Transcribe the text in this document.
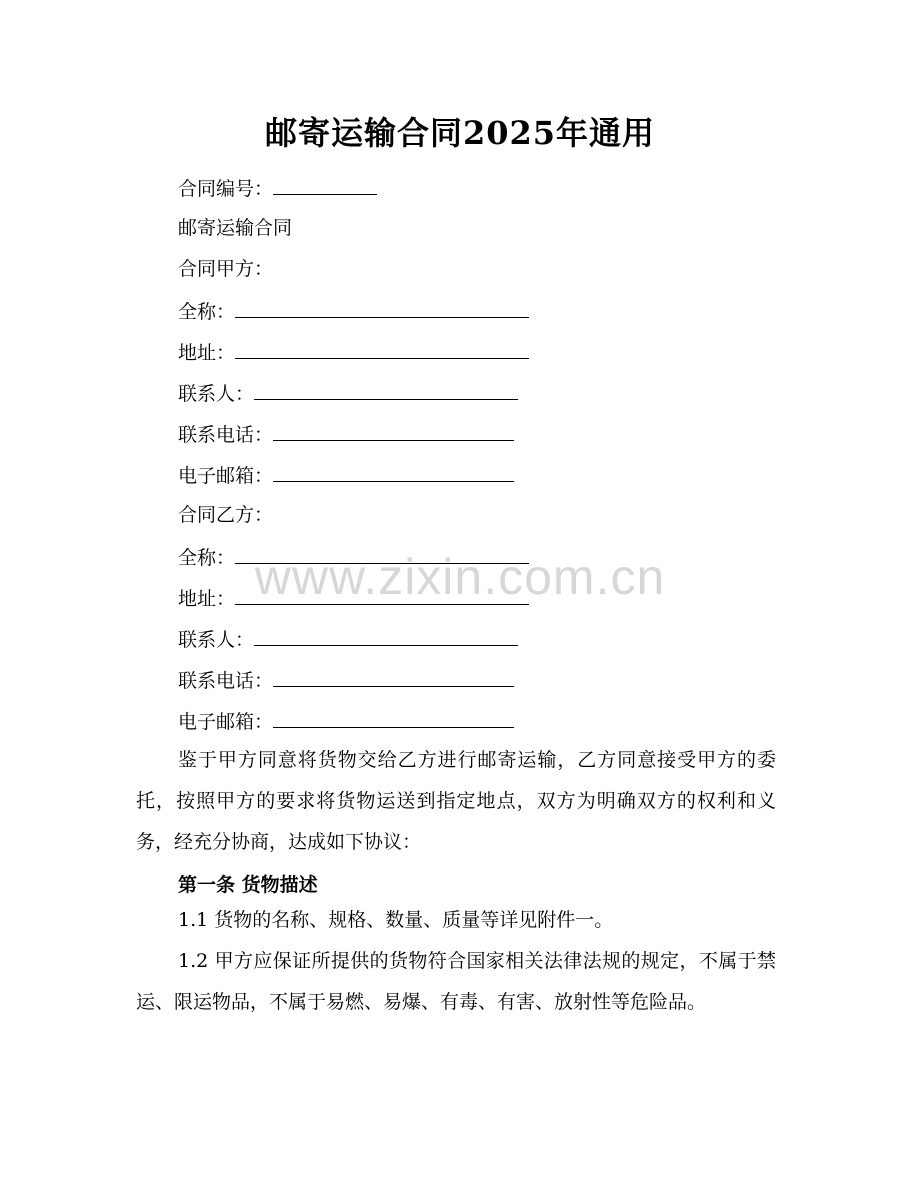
邮寄运输合同2025年通用
合同编号：
邮寄运输合同
合同甲方：
全称：
地址：
联系人：
联系电话：
电子邮箱：
合同乙方：
全称：
地址：
联系人：
联系电话：
电子邮箱：

鉴于甲方同意将货物交给乙方进行邮寄运输，乙方同意接受甲方的委托，按照甲方的要求将货物运送到指定地点，双方为明确双方的权利和义务，经充分协商，达成如下协议：

第一条 货物描述

1.1 货物的名称、规格、数量、质量等详见附件一。

1.2 甲方应保证所提供的货物符合国家相关法律法规的规定，不属于禁运、限运物品，不属于易燃、易爆、有毒、有害、放射性等危险品。

www.zixin.com.cn
